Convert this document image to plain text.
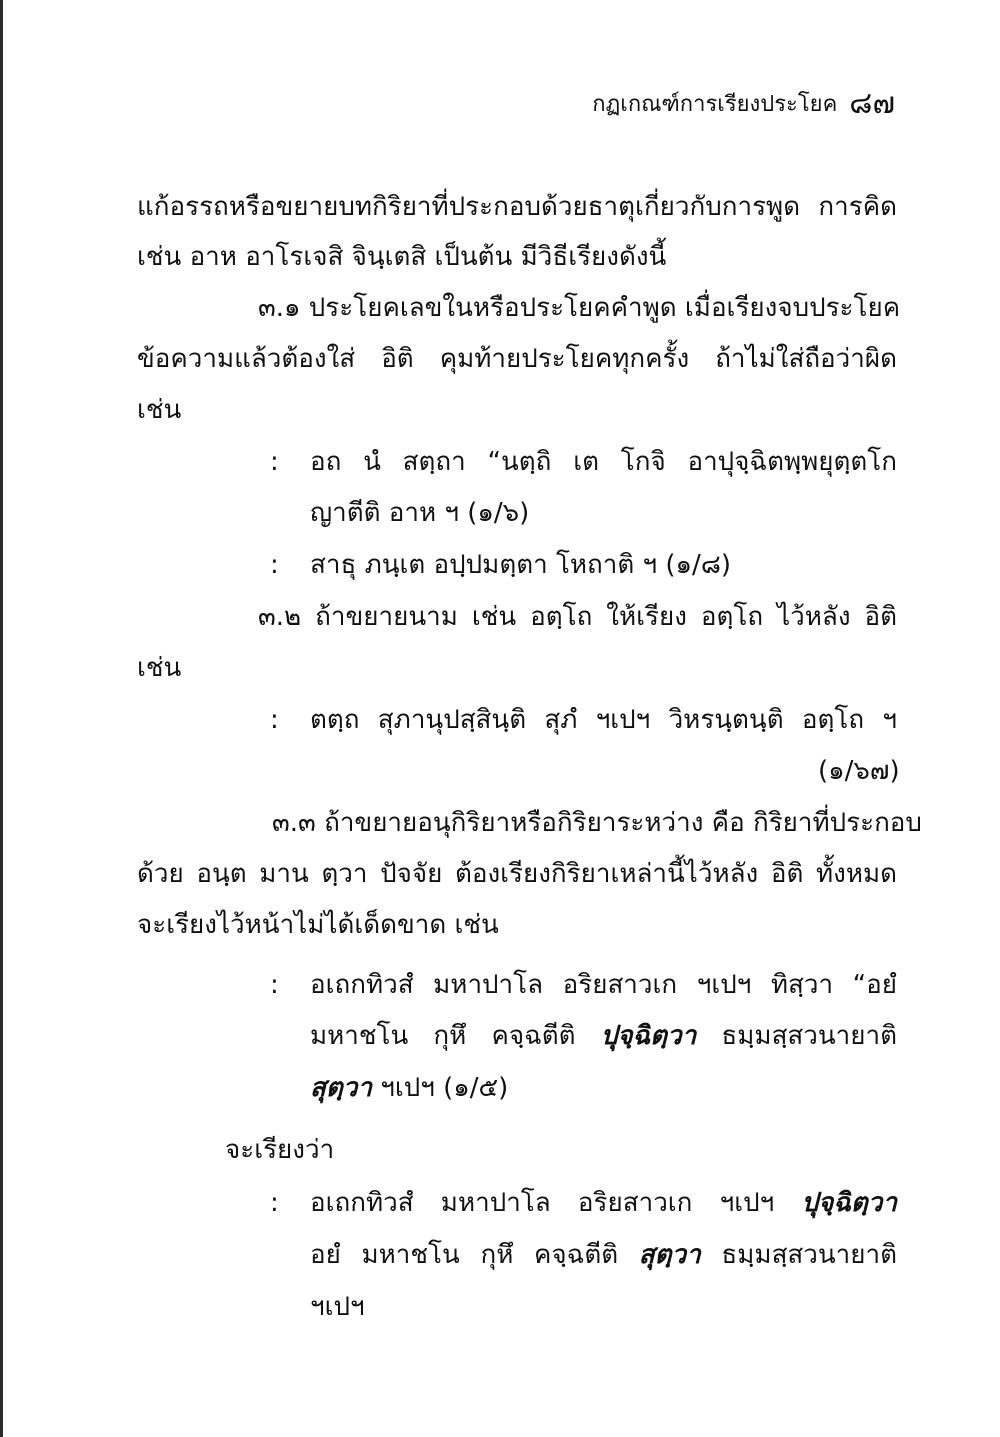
กฏเกณฑ์การเรียงประโยค ๘๗
แก้อรรถหรือขยายบทกิริยาที่ประกอบด้วยธาตุเกี่ยวกับการพูด การคิด
เช่น อาห อาโรเจสิ จินฺเตสิ เป็นต้น มีวิธีเรียงดังนี้
๓.๑ ประโยคเลขในหรือประโยคคำพูด เมื่อเรียงจบประโยค
ข้อความแล้วต้องใส่ อิติ คุมท้ายประโยคทุกครั้ง ถ้าไม่ใส่ถือว่าผิด
เช่น
: อถ นํ สตฺถา “นตฺถิ เต โกจิ อาปุจฺฉิตพฺพยุตฺตโก
ญาตีติ อาห ฯ (๑/๖)
: สาธุ ภนฺเต อปฺปมตฺตา โหถาติ ฯ (๑/๘)
๓.๒ ถ้าขยายนาม เช่น อตฺโถ ให้เรียง อตฺโถ ไว้หลัง อิติ
เช่น
: ตตฺถ สุภานุปสฺสินฺติ สุภํ ฯเปฯ วิหรนฺตนฺติ อตฺโถ ฯ
(๑/๖๗)
๓.๓ ถ้าขยายอนุกิริยาหรือกิริยาระหว่าง คือ กิริยาที่ประกอบ
ด้วย อนฺต มาน ตฺวา ปัจจัย ต้องเรียงกิริยาเหล่านี้ไว้หลัง อิติ ทั้งหมด
จะเรียงไว้หน้าไม่ได้เด็ดขาด เช่น
: อเถกทิวสํ มหาปาโล อริยสาวเก ฯเปฯ ทิสฺวา “อยํ
มหาชโน กุหึ คจฺฉตีติ ปุจฺฉิตฺวา ธมฺมสฺสวนายาติ
สุตฺวา ฯเปฯ (๑/๕)
จะเรียงว่า
: อเถกทิวสํ มหาปาโล อริยสาวเก ฯเปฯ ปุจฺฉิตฺวา
อยํ มหาชโน กุหึ คจฺฉตีติ สุตฺวา ธมฺมสฺสวนายาติ
ฯเปฯ
